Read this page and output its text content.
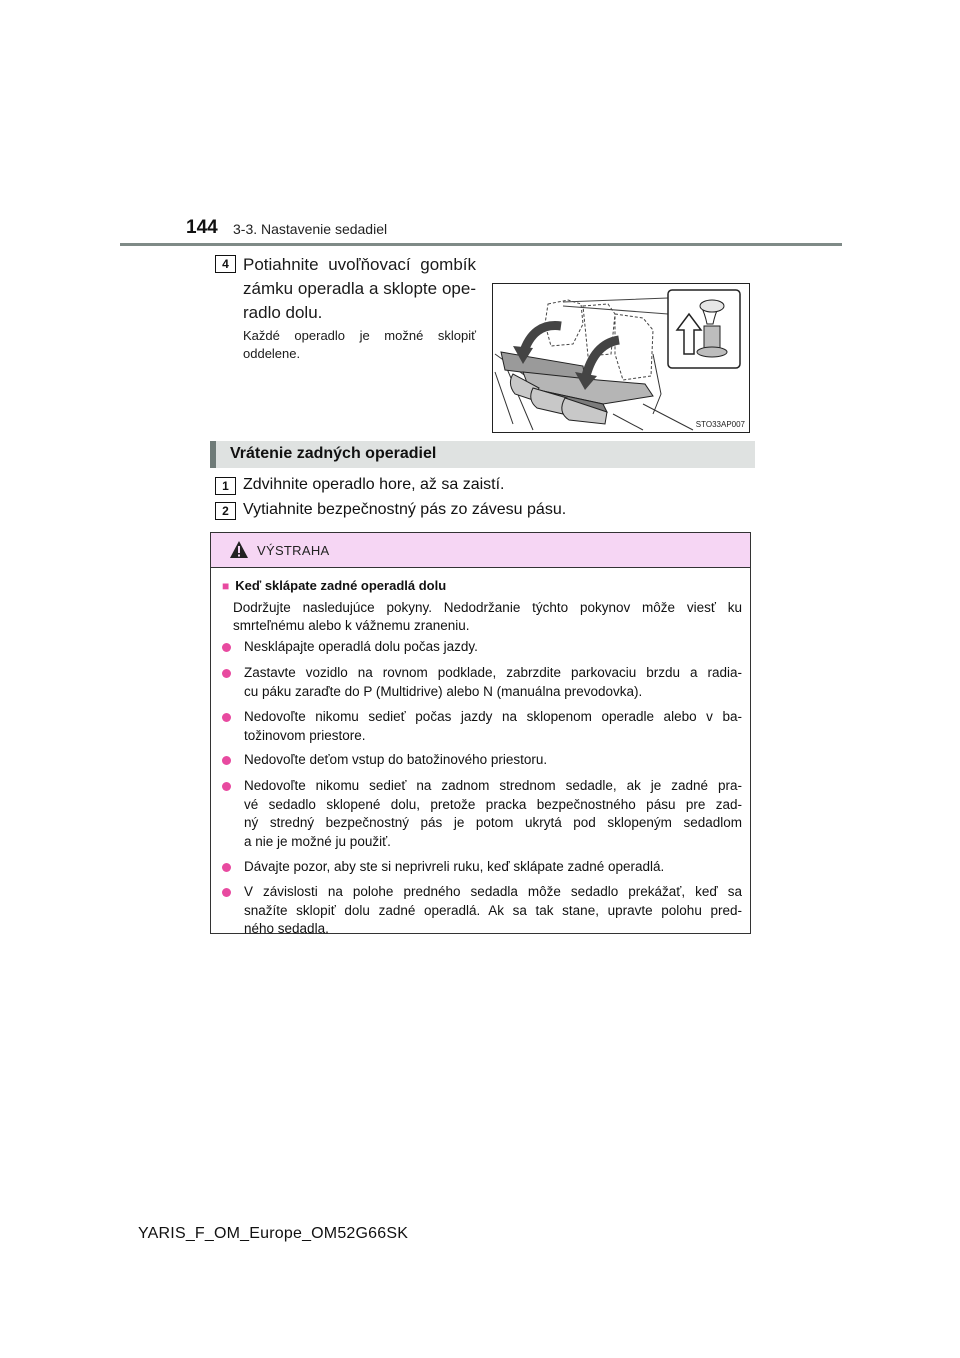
144 3-3. Nastavenie sedadiel
4 Potiahnite uvoľňovací gombík
zámku operadla a sklopte ope-
radlo dolu.
Každé operadlo je možné sklopiť
oddelene.
STO33AP007
Vrátenie zadných operadiel
1 Zdvihnite operadlo hore, až sa zaistí.
2 Vytiahnite bezpečnostný pás zo závesu pásu.
VÝSTRAHA
■ Keď sklápate zadné operadlá dolu
Dodržujte nasledujúce pokyny. Nedodržanie týchto pokynov môže viesť ku
smrteľnému alebo k vážnemu zraneniu.
Nesklápajte operadlá dolu počas jazdy.
Zastavte vozidlo na rovnom podklade, zabrzdite parkovaciu brzdu a radia-
cu páku zaraďte do P (Multidrive) alebo N (manuálna prevodovka).
Nedovoľte nikomu sedieť počas jazdy na sklopenom operadle alebo v ba-
tožinovom priestore.
Nedovoľte deťom vstup do batožinového priestoru.
Nedovoľte nikomu sedieť na zadnom strednom sedadle, ak je zadné pra-
vé sedadlo sklopené dolu, pretože pracka bezpečnostného pásu pre zad-
ný stredný bezpečnostný pás je potom ukrytá pod sklopeným sedadlom
a nie je možné ju použiť.
Dávajte pozor, aby ste si neprivreli ruku, keď sklápate zadné operadlá.
V závislosti na polohe predného sedadla môže sedadlo prekážať, keď sa
snažíte sklopiť dolu zadné operadlá. Ak sa tak stane, upravte polohu pred-
ného sedadla.
YARIS_F_OM_Europe_OM52G66SK
